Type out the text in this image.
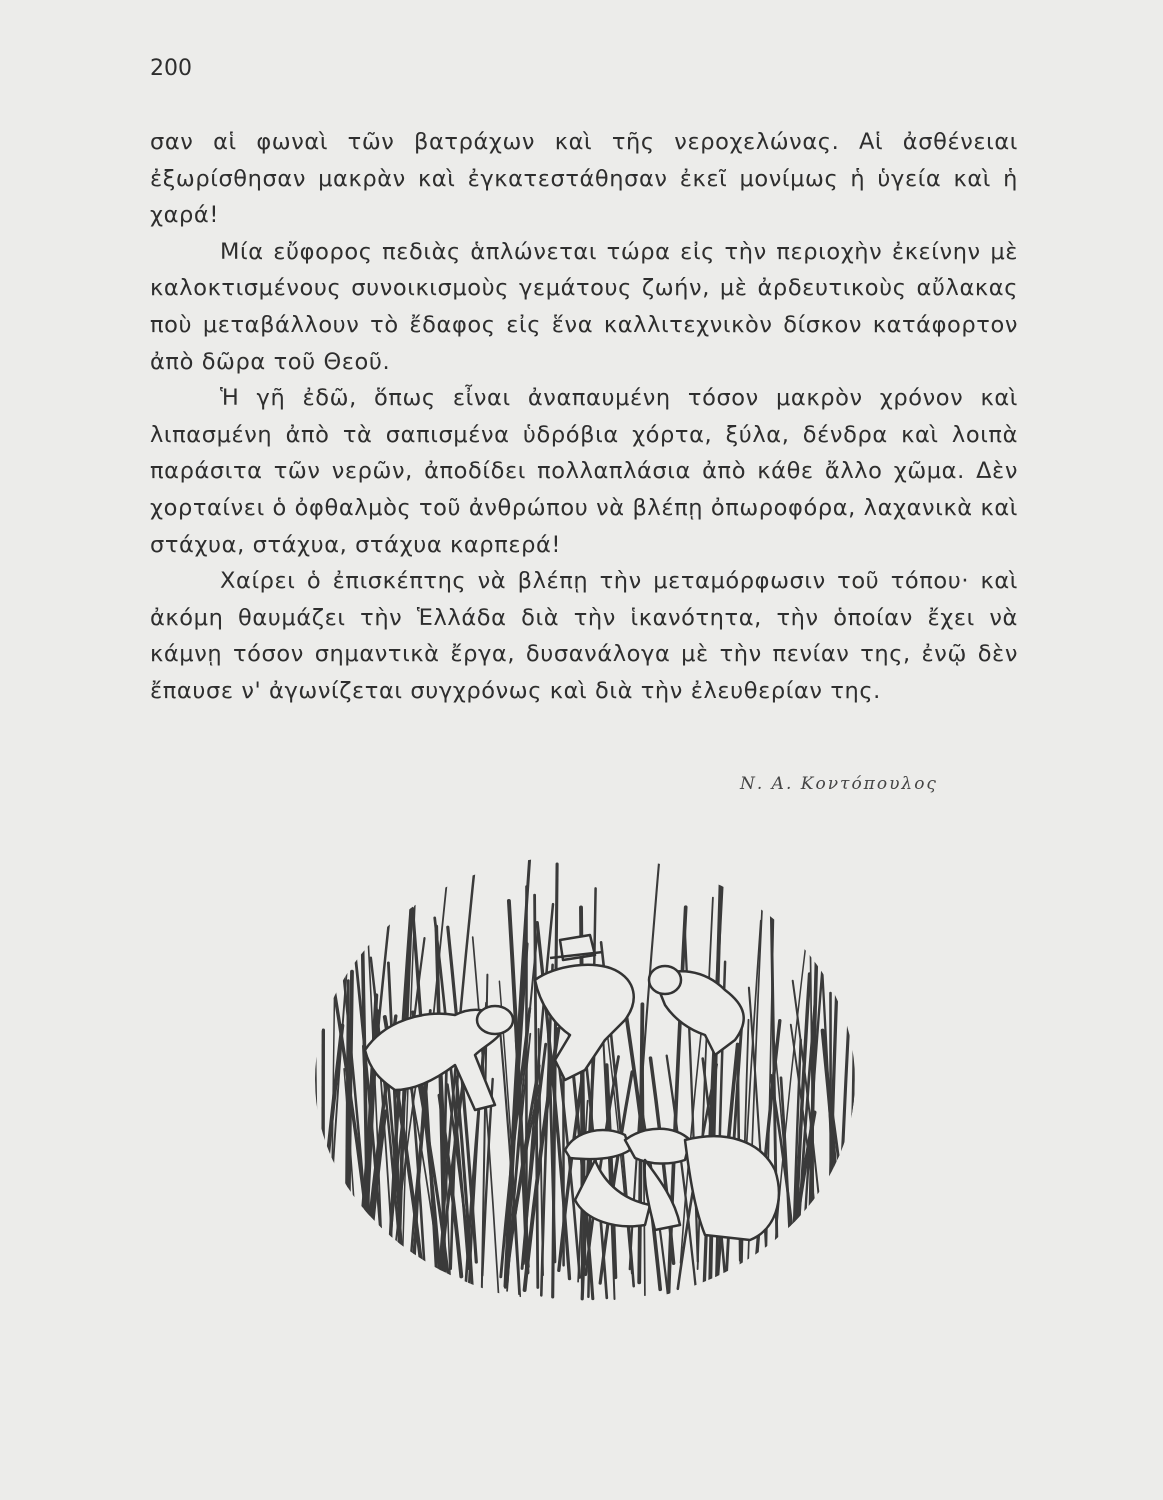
200

σαν αἱ φωναὶ τῶν βατράχων καὶ τῆς νεροχελώνας. Αἱ ἀσθένειαι ἐξωρίσθησαν μακρὰν καὶ ἐγκατεστάθησαν ἐκεῖ μονίμως ἡ ὑγεία καὶ ἡ χαρά!

Μία εὔφορος πεδιὰς ἁπλώνεται τώρα εἰς τὴν περιοχὴν ἐκείνην μὲ καλοκτισμένους συνοικισμοὺς γεμάτους ζωήν, μὲ ἀρδευτικοὺς αὔλακας ποὺ μεταβάλλουν τὸ ἔδαφος εἰς ἕνα καλλιτεχνικὸν δίσκον κατάφορτον ἀπὸ δῶρα τοῦ Θεοῦ.

Ἡ γῆ ἐδῶ, ὅπως εἶναι ἀναπαυμένη τόσον μακρὸν χρόνον καὶ λιπασμένη ἀπὸ τὰ σαπισμένα ὑδρόβια χόρτα, ξύλα, δένδρα καὶ λοιπὰ παράσιτα τῶν νερῶν, ἀποδίδει πολλαπλάσια ἀπὸ κάθε ἄλλο χῶμα. Δὲν χορταίνει ὁ ὀφθαλμὸς τοῦ ἀνθρώπου νὰ βλέπῃ ὀπωροφόρα, λαχανικὰ καὶ στάχυα, στάχυα, στάχυα καρπερά!

Χαίρει ὁ ἐπισκέπτης νὰ βλέπῃ τὴν μεταμόρφωσιν τοῦ τόπου· καὶ ἀκόμη θαυμάζει τὴν Ἑλλάδα διὰ τὴν ἱκανότητα, τὴν ὁποίαν ἔχει νὰ κάμνῃ τόσον σημαντικὰ ἔργα, δυσανάλογα μὲ τὴν πενίαν της, ἐνῷ δὲν ἔπαυσε ν' ἀγωνίζεται συγχρόνως καὶ διὰ τὴν ἐλευθερίαν της.

Ν. Α. Κοντόπουλος
